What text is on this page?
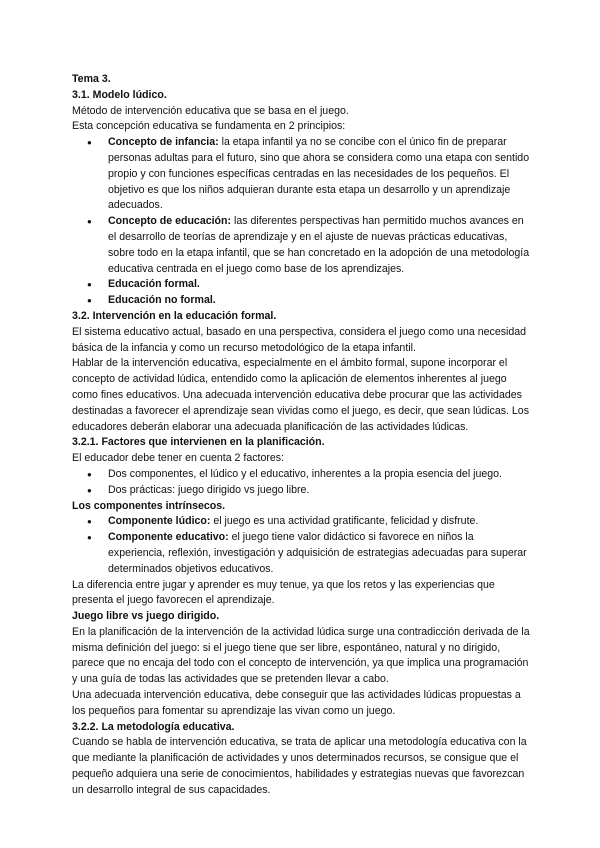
Tema 3.

3.1. Modelo lúdico.

Método de intervención educativa que se basa en el juego.

Esta concepción educativa se fundamenta en 2 principios:

● Concepto de infancia: la etapa infantil ya no se concibe con el único fin de preparar personas adultas para el futuro, sino que ahora se considera como una etapa con sentido propio y con funciones específicas centradas en las necesidades de los pequeños. El objetivo es que los niños adquieran durante esta etapa un desarrollo y un aprendizaje adecuados.
● Concepto de educación: las diferentes perspectivas han permitido muchos avances en el desarrollo de teorías de aprendizaje y en el ajuste de nuevas prácticas educativas, sobre todo en la etapa infantil, que se han concretado en la adopción de una metodología educativa centrada en el juego como base de los aprendizajes.
● Educación formal.
● Educación no formal.

3.2. Intervención en la educación formal.

El sistema educativo actual, basado en una perspectiva, considera el juego como una necesidad básica de la infancia y como un recurso metodológico de la etapa infantil.

Hablar de la intervención educativa, especialmente en el ámbito formal, supone incorporar el concepto de actividad lúdica, entendido como la aplicación de elementos inherentes al juego como fines educativos. Una adecuada intervención educativa debe procurar que las actividades destinadas a favorecer el aprendizaje sean vividas como el juego, es decir, que sean lúdicas. Los educadores deberán elaborar una adecuada planificación de las actividades lúdicas.

3.2.1. Factores que intervienen en la planificación.

El educador debe tener en cuenta 2 factores:

● Dos componentes, el lúdico y el educativo, inherentes a la propia esencia del juego.
● Dos prácticas: juego dirigido vs juego libre.

Los componentes intrínsecos.

● Componente lúdico: el juego es una actividad gratificante, felicidad y disfrute.
● Componente educativo: el juego tiene valor didáctico si favorece en niños la experiencia, reflexión, investigación y adquisición de estrategias adecuadas para superar determinados objetivos educativos.

La diferencia entre jugar y aprender es muy tenue, ya que los retos y las experiencias que presenta el juego favorecen el aprendizaje.

Juego libre vs juego dirigido.

En la planificación de la intervención de la actividad lúdica surge una contradicción derivada de la misma definición del juego: si el juego tiene que ser libre, espontáneo, natural y no dirigido, parece que no encaja del todo con el concepto de intervención, ya que implica una programación y una guía de todas las actividades que se pretenden llevar a cabo.

Una adecuada intervención educativa, debe conseguir que las actividades lúdicas propuestas a los pequeños para fomentar su aprendizaje las vivan como un juego.

3.2.2. La metodología educativa.

Cuando se habla de intervención educativa, se trata de aplicar una metodología educativa con la que mediante la planificación de actividades y unos determinados recursos, se consigue que el pequeño adquiera una serie de conocimientos, habilidades y estrategias nuevas que favorezcan un desarrollo integral de sus capacidades.
